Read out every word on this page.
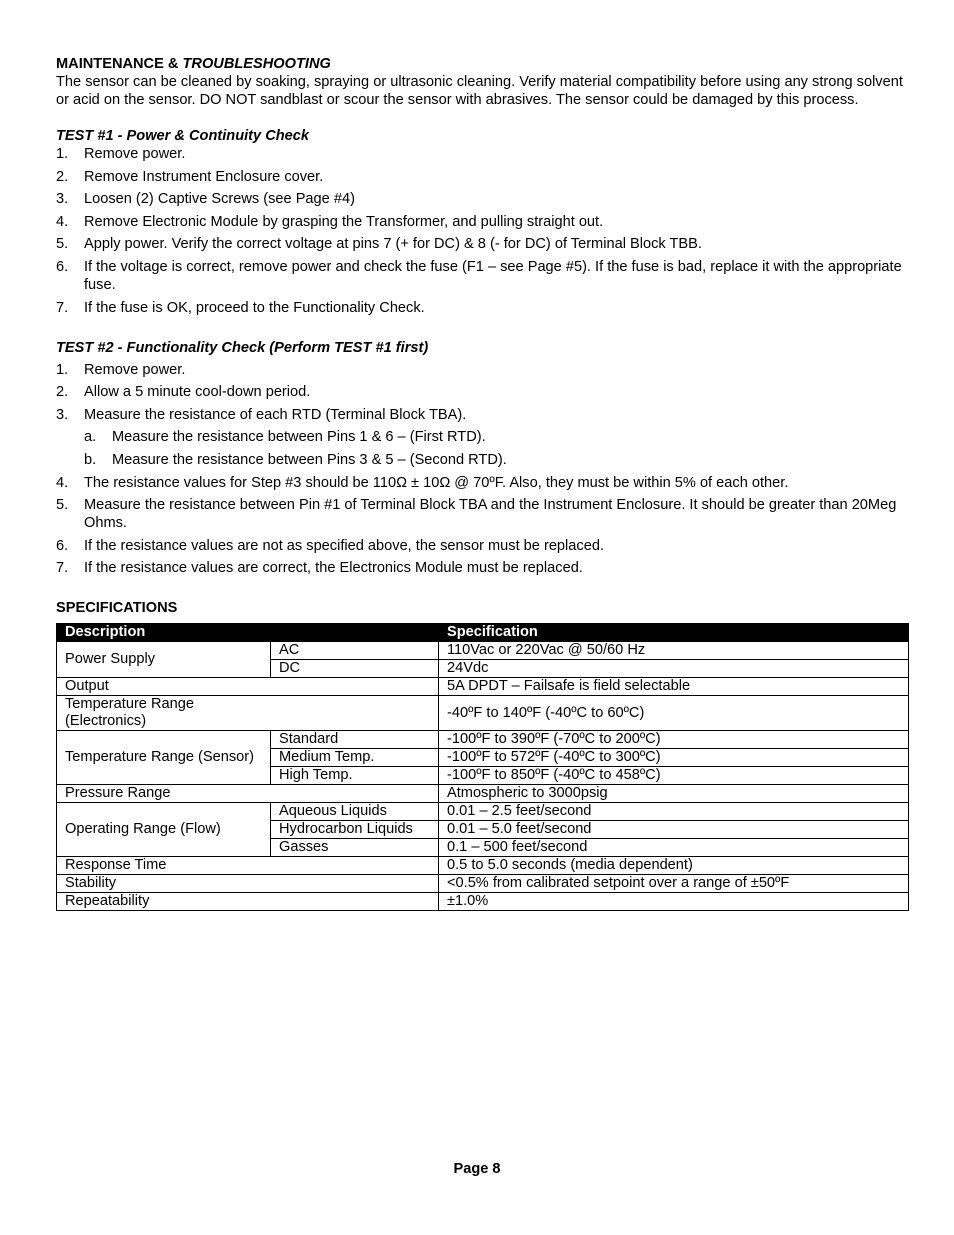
MAINTENANCE & TROUBLESHOOTING
The sensor can be cleaned by soaking, spraying or ultrasonic cleaning. Verify material compatibility before using any strong solvent or acid on the sensor. DO NOT sandblast or scour the sensor with abrasives. The sensor could be damaged by this process.
TEST #1 - Power & Continuity Check
1. Remove power.
2. Remove Instrument Enclosure cover.
3. Loosen (2) Captive Screws (see Page #4)
4. Remove Electronic Module by grasping the Transformer, and pulling straight out.
5. Apply power. Verify the correct voltage at pins 7 (+ for DC) & 8 (- for DC) of Terminal Block TBB.
6. If the voltage is correct, remove power and check the fuse (F1 – see Page #5). If the fuse is bad, replace it with the appropriate fuse.
7. If the fuse is OK, proceed to the Functionality Check.
TEST #2 - Functionality Check (Perform TEST #1 first)
1. Remove power.
2. Allow a 5 minute cool-down period.
3. Measure the resistance of each RTD (Terminal Block TBA).
a. Measure the resistance between Pins 1 & 6 – (First RTD).
b. Measure the resistance between Pins 3 & 5 – (Second RTD).
4. The resistance values for Step #3 should be 110Ω ± 10Ω @ 70ºF. Also, they must be within 5% of each other.
5. Measure the resistance between Pin #1 of Terminal Block TBA and the Instrument Enclosure. It should be greater than 20Meg Ohms.
6. If the resistance values are not as specified above, the sensor must be replaced.
7. If the resistance values are correct, the Electronics Module must be replaced.
SPECIFICATIONS
Description		Specification
Power Supply	AC	110Vac or 220Vac @ 50/60 Hz
	DC	24Vdc
Output		5A DPDT – Failsafe is field selectable
Temperature Range (Electronics)		-40ºF to 140ºF (-40ºC to 60ºC)
Temperature Range (Sensor)	Standard	-100ºF to 390ºF (-70ºC to 200ºC)
	Medium Temp.	-100ºF to 572ºF (-40ºC to 300ºC)
	High Temp.	-100ºF to 850ºF (-40ºC to 458ºC)
Pressure Range		Atmospheric to 3000psig
Operating Range (Flow)	Aqueous Liquids	0.01 – 2.5 feet/second
	Hydrocarbon Liquids	0.01 – 5.0 feet/second
	Gasses	0.1 – 500 feet/second
Response Time		0.5 to 5.0 seconds (media dependent)
Stability		<0.5% from calibrated setpoint over a range of ±50ºF
Repeatability		±1.0%
Page 8
